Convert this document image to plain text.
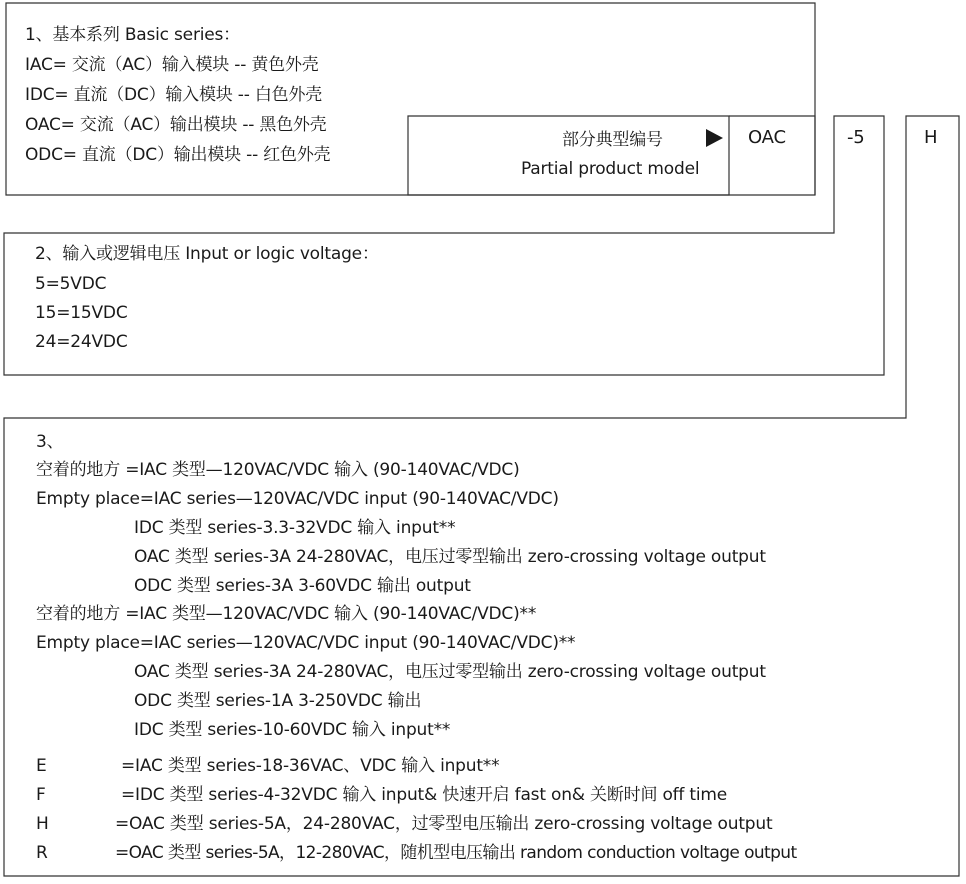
1、基本系列 Basic series：
IAC= 交流（AC）输入模块 -- 黄色外壳
IDC= 直流（DC）输入模块 -- 白色外壳
OAC= 交流（AC）输出模块 -- 黑色外壳
ODC= 直流（DC）输出模块 -- 红色外壳
部分典型编号
Partial product model
OAC	-5	H
2、输入或逻辑电压 Input or logic voltage：
5=5VDC
15=15VDC
24=24VDC
3、
空着的地方 =IAC 类型—120VAC/VDC 输入 (90-140VAC/VDC)
Empty place=IAC series—120VAC/VDC input (90-140VAC/VDC)
IDC 类型 series-3.3-32VDC 输入 input**
OAC 类型 series-3A 24-280VAC，电压过零型输出 zero-crossing voltage output
ODC 类型 series-3A 3-60VDC 输出 output
空着的地方 =IAC 类型—120VAC/VDC 输入 (90-140VAC/VDC)**
Empty place=IAC series—120VAC/VDC input (90-140VAC/VDC)**
OAC 类型 series-3A 24-280VAC，电压过零型输出 zero-crossing voltage output
ODC 类型 series-1A 3-250VDC 输出
IDC 类型 series-10-60VDC 输入 input**
E	=IAC 类型 series-18-36VAC、VDC 输入 input**
F	=IDC 类型 series-4-32VDC 输入 input& 快速开启 fast on& 关断时间 off time
H	=OAC 类型 series-5A，24-280VAC，过零型电压输出 zero-crossing voltage output
R	=OAC 类型 series-5A，12-280VAC，随机型电压输出 random conduction voltage output
